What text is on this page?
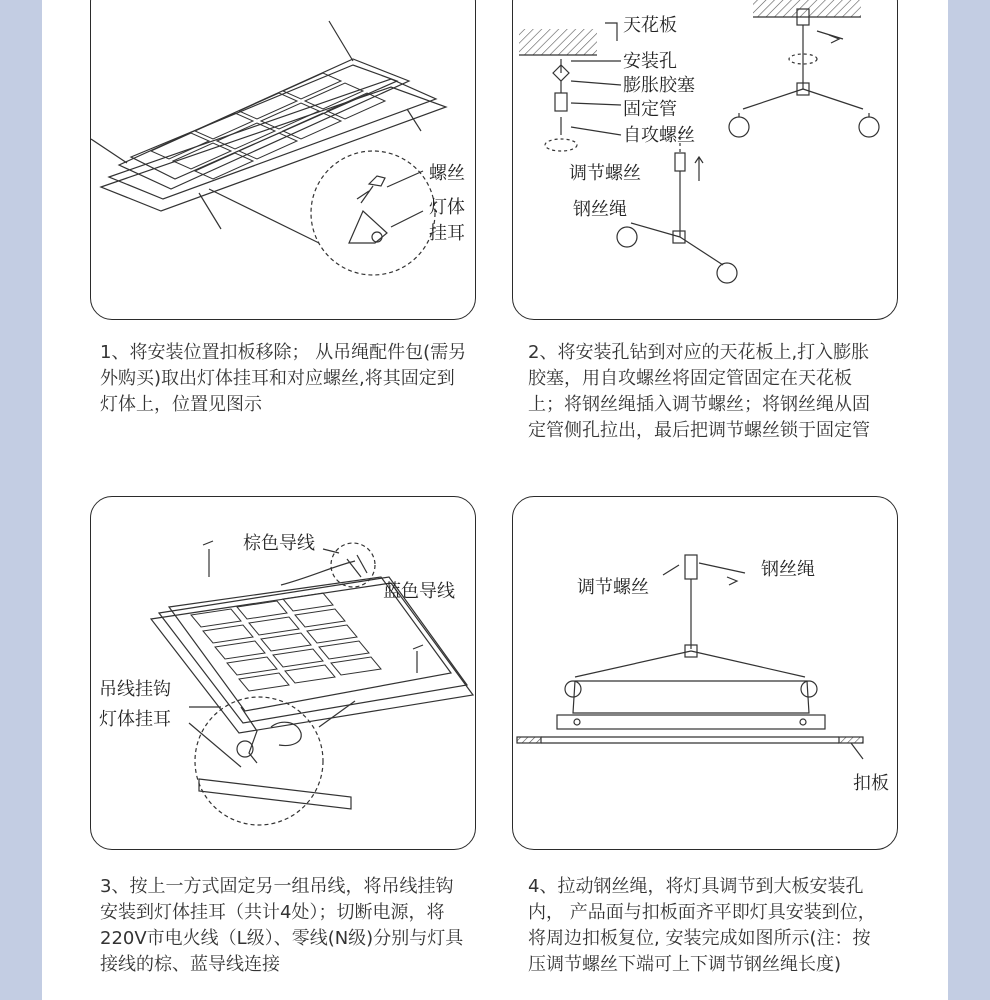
螺丝
灯体
挂耳
天花板
安装孔
膨胀胶塞
固定管
自攻螺丝
调节螺丝
钢丝绳
1、将安装位置扣板移除； 从吊绳配件包(需另外购买)取出灯体挂耳和对应螺丝,将其固定到灯体上，位置见图示
2、将安装孔钻到对应的天花板上,打入膨胀胶塞，用自攻螺丝将固定管固定在天花板上；将钢丝绳插入调节螺丝；将钢丝绳从固定管侧孔拉出，最后把调节螺丝锁于固定管
棕色导线
蓝色导线
吊线挂钩
灯体挂耳
调节螺丝
钢丝绳
扣板
3、按上一方式固定另一组吊线，将吊线挂钩安装到灯体挂耳（共计4处）；切断电源，将220V市电火线（L级）、零线(N级)分别与灯具接线的棕、蓝导线连接
4、拉动钢丝绳，将灯具调节到大板安装孔内， 产品面与扣板面齐平即灯具安装到位，将周边扣板复位, 安装完成如图所示(注：按压调节螺丝下端可上下调节钢丝绳长度)
